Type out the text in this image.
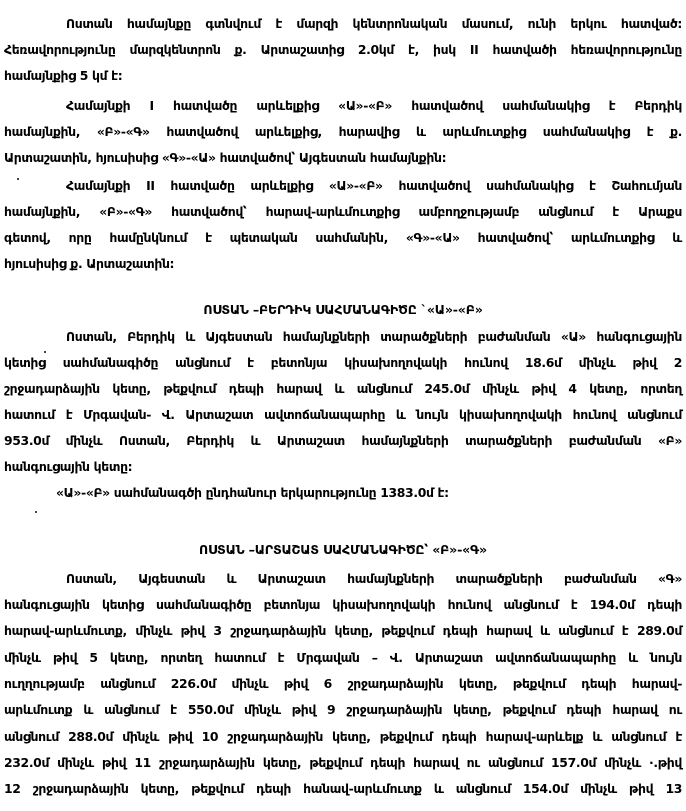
Ոստան համայնքը գտնվում է մարզի կենտրոնական մասում, ունի երկու հատված:
Հեռավորությունը մարզկենտրոն ք. Արտաշատից 2.0կմ է, իսկ II հատվածի հեռավորությունը
համայնքից 5 կմ է:
Համայնքի I հատվածը արևելքից «Ա»-«Բ» հատվածով սահմանակից է Բերդիկ
համայնքին, «Բ»-«Գ» հատվածով արևելքից, հարավից և արևմուտքից սահմանակից է ք.
Արտաշատին, հյուսիսից «Գ»-«Ա» հատվածով՝ Այգեստան համայնքին:
Համայնքի II հատվածը արևելքից «Ա»-«Բ» հատվածով սահմանակից է Շահումյան
համայնքին, «Բ»-«Գ» հատվածով՝ հարավ-արևմուտքից ամբողջությամբ անցնում է Արաքս
գետով, որը համընկնում է պետական սահմանին, «Գ»-«Ա» հատվածով՝ արևմուտքից և
հյուսիսից ք. Արտաշատին:
ՈՍՏԱՆ –ԲԵՐԴԻԿ ՍԱՀՄԱՆԱԳԻԾԸ `«Ա»-«Բ»
Ոստան, Բերդիկ և Այգեստան համայնքների տարածքների բաժանման «Ա» հանգուցային
կետից սահմանագիծը անցնում է բետոնյա կիսախողովակի հունով 18.6մ մինչև թիվ 2
շրջադարձային կետը, թեքվում դեպի հարավ և անցնում 245.0մ մինչև թիվ 4 կետը, որտեղ
հատում է Մրգավան- Վ. Արտաշատ ավտոճանապարհը և նույն կիսախողովակի հունով անցնում
953.0մ մինչև Ոստան, Բերդիկ և Արտաշատ համայնքների տարածքների բաժանման «Բ»
հանգուցային կետը:
«Ա»-«Բ» սահմանագծի ընդհանուր երկարությունը 1383.0մ է:
ՈՍՏԱՆ –ԱՐՏԱՇԱՏ ՍԱՀՄԱՆԱԳԻԾԸ՝ «Բ»-«Գ»
Ոստան, Այգեստան և Արտաշատ համայնքների տարածքների բաժանման «Գ»
հանգուցային կետից սահմանագիծը բետոնյա կիսախողովակի հունով անցնում է 194.0մ դեպի
հարավ-արևմուտք, մինչև թիվ 3 շրջադարձային կետը, թեքվում դեպի հարավ և անցնում է 289.0մ
մինչև թիվ 5 կետը, որտեղ հատում է Մրգավան – Վ. Արտաշատ ավտոճանապարհը և նույն
ուղղությամբ անցնում 226.0մ մինչև թիվ 6 շրջադարձային կետը, թեքվում դեպի հարավ-
արևմուտք և անցնում է 550.0մ մինչև թիվ 9 շրջադարձային կետը, թեքվում դեպի հարավ ու
անցնում 288.0մ մինչև թիվ 10 շրջադարձային կետը, թեքվում դեպի հարավ-արևելք և անցնում է
232.0մ մինչև թիվ 11 շրջադարձային կետը, թեքվում դեպի հարավ ու անցնում 157.0մ մինչև ·.թիվ
12 շրջադարձային կետը, թեքվում դեպի հանավ-արևմուտք և անցնում 154.0մ մինչև թիվ 13
